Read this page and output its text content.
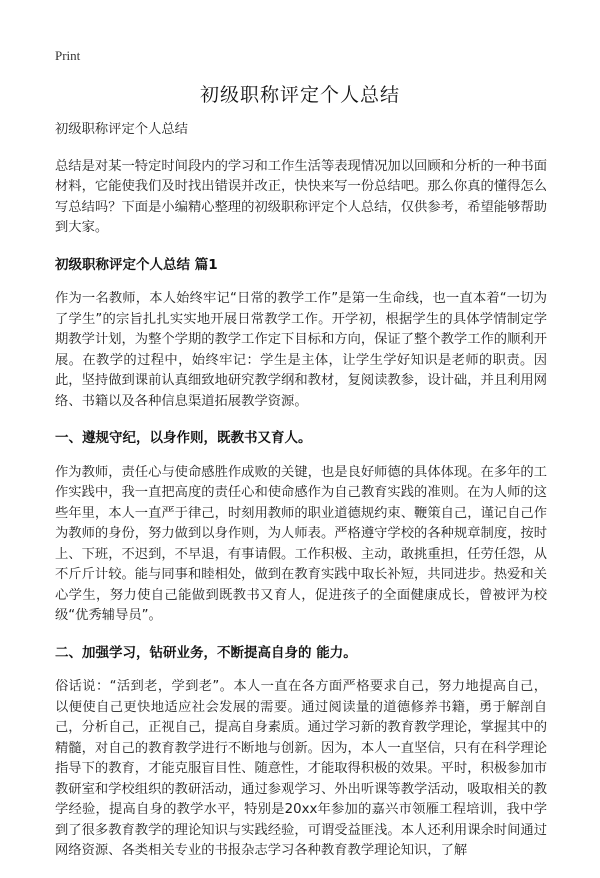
Print
初级职称评定个人总结

初级职称评定个人总结

总结是对某一特定时间段内的学习和工作生活等表现情况加以回顾和分析的一种书面材料，它能使我们及时找出错误并改正，快快来写一份总结吧。那么你真的懂得怎么写总结吗？下面是小编精心整理的初级职称评定个人总结，仅供参考，希望能够帮助到大家。

初级职称评定个人总结 篇1

作为一名教师，本人始终牢记“日常的教学工作”是第一生命线，也一直本着“一切为了学生”的宗旨扎扎实实地开展日常教学工作。开学初，根据学生的具体学情制定学期教学计划，为整个学期的教学工作定下目标和方向，保证了整个教学工作的顺利开展。在教学的过程中，始终牢记：学生是主体，让学生学好知识是老师的职责。因此，坚持做到课前认真细致地研究教学纲和教材，复阅读教参，设计础，并且利用网络、书籍以及各种信息渠道拓展教学资源。

一、遵规守纪，以身作则，既教书又育人。

作为教师，责任心与使命感胜作成败的关键，也是良好师德的具体体现。在多年的工作实践中，我一直把高度的责任心和使命感作为自己教育实践的准则。在为人师的这些年里，本人一直严于律己，时刻用教师的职业道德规约束、鞭策自己，谨记自己作为教师的身份，努力做到以身作则，为人师表。严格遵守学校的各种规章制度，按时上、下班，不迟到，不早退，有事请假。工作积极、主动，敢挑重担，任劳任怨，从不斤斤计较。能与同事和睦相处，做到在教育实践中取长补短，共同进步。热爱和关心学生，努力使自己能做到既教书又育人，促进孩子的全面健康成长，曾被评为校级“优秀辅导员”。

二、加强学习，钻研业务，不断提高自身的 能力。

俗话说：“活到老，学到老”。本人一直在各方面严格要求自己，努力地提高自己，以便使自己更快地适应社会发展的需要。通过阅读量的道德修养书籍，勇于解剖自己，分析自己，正视自己，提高自身素质。通过学习新的教育教学理论，掌握其中的精髓，对自己的教育教学进行不断地与创新。因为，本人一直坚信，只有在科学理论指导下的教育，才能克服盲目性、随意性，才能取得积极的效果。平时，积极参加市教研室和学校组织的教研活动，通过参观学习、外出听课等教学活动，吸取相关的教学经验，提高自身的教学水平，特别是20xx年参加的嘉兴市领雁工程培训，我中学到了很多教育教学的理论知识与实践经验，可谓受益匪浅。本人还利用课余时间通过网络资源、各类相关专业的书报杂志学习各种教育教学理论知识，了解
